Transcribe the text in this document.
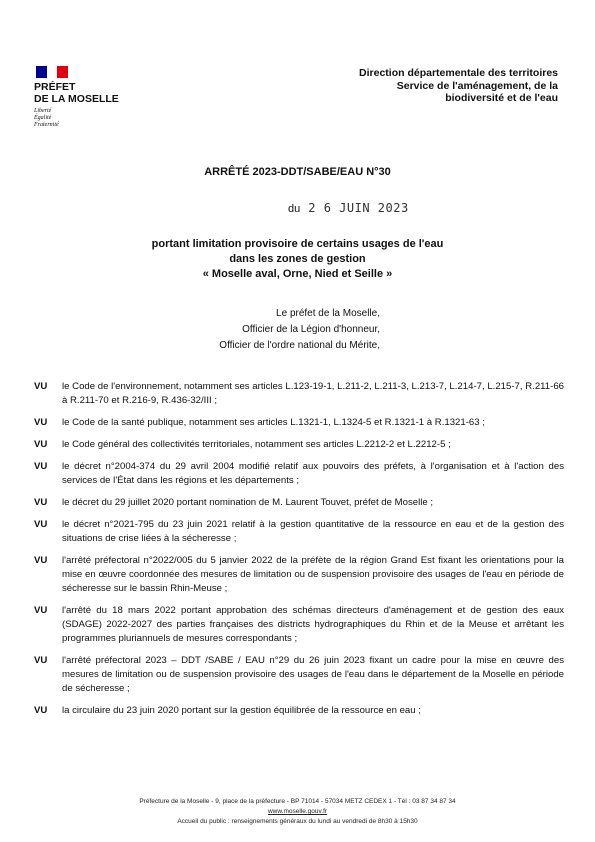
PRÉFET
DE LA MOSELLE
Liberté
Égalité
Fraternité
Direction départementale des territoires
Service de l'aménagement, de la
biodiversité et de l'eau
ARRÊTÉ 2023-DDT/SABE/EAU N°30
du 2 6 JUIN 2023
portant limitation provisoire de certains usages de l'eau
dans les zones de gestion
« Moselle aval, Orne, Nied et Seille »
Le préfet de la Moselle,
Officier de la Légion d'honneur,
Officier de l'ordre national du Mérite,
VU	le Code de l'environnement, notamment ses articles L.123-19-1, L.211-2, L.211-3, L.213-7, L.214-7, L.215-7, R.211-66 à R.211-70 et R.216-9, R.436-32/III ;
VU	le Code de la santé publique, notamment ses articles L.1321-1, L.1324-5 et R.1321-1 à R.1321-63 ;
VU	le Code général des collectivités territoriales, notamment ses articles L.2212-2 et L.2212-5 ;
VU	le décret n°2004-374 du 29 avril 2004 modifié relatif aux pouvoirs des préfets, à l'organisation et à l'action des services de l'État dans les régions et les départements ;
VU	le décret du 29 juillet 2020 portant nomination de M. Laurent Touvet, préfet de Moselle ;
VU	le décret n°2021-795 du 23 juin 2021 relatif à la gestion quantitative de la ressource en eau et de la gestion des situations de crise liées à la sécheresse ;
VU	l'arrêté préfectoral n°2022/005 du 5 janvier 2022 de la préfète de la région Grand Est fixant les orientations pour la mise en œuvre coordonnée des mesures de limitation ou de suspension provisoire des usages de l'eau en période de sécheresse sur le bassin Rhin-Meuse ;
VU	l'arrêté du 18 mars 2022 portant approbation des schémas directeurs d'aménagement et de gestion des eaux (SDAGE) 2022-2027 des parties françaises des districts hydrographiques du Rhin et de la Meuse et arrêtant les programmes pluriannuels de mesures correspondants ;
VU	l'arrêté préfectoral 2023 – DDT /SABE / EAU n°29 du 26 juin 2023 fixant un cadre pour la mise en œuvre des mesures de limitation ou de suspension provisoire des usages de l'eau dans le département de la Moselle en période de sécheresse ;
VU	la circulaire du 23 juin 2020 portant sur la gestion équilibrée de la ressource en eau ;
Préfecture de la Moselle - 9, place de la préfecture - BP 71014 - 57034 METZ CEDEX 1 - Tél : 03 87 34 87 34
www.moselle.gouv.fr
Accueil du public : renseignements généraux du lundi au vendredi de 8h30 à 15h30
